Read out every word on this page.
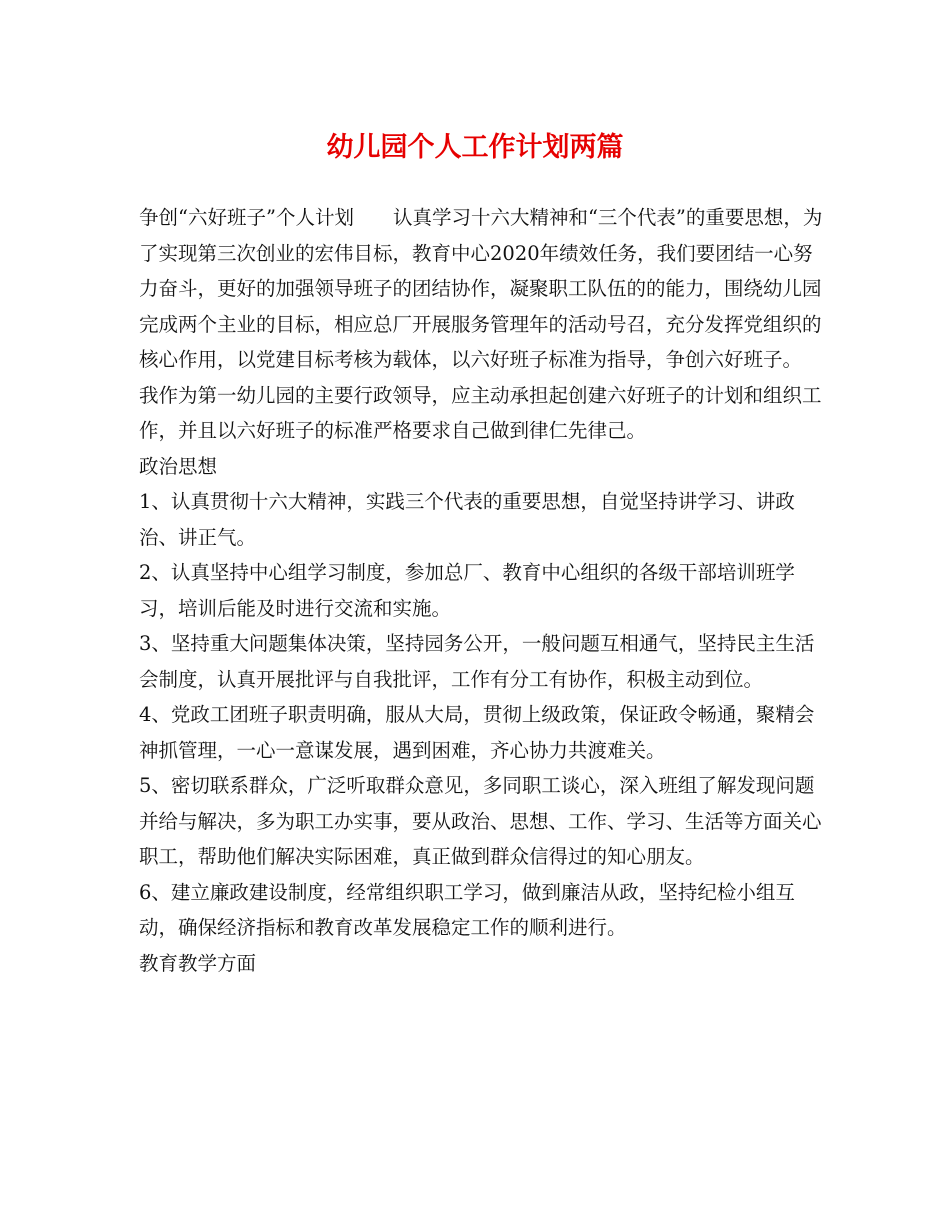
幼儿园个人工作计划两篇

争创“六好班子”个人计划　　认真学习十六大精神和“三个代表”的重要思想，为了实现第三次创业的宏伟目标，教育中心2020年绩效任务，我们要团结一心努力奋斗，更好的加强领导班子的团结协作，凝聚职工队伍的的能力，围绕幼儿园完成两个主业的目标，相应总厂开展服务管理年的活动号召，充分发挥党组织的核心作用，以党建目标考核为载体，以六好班子标准为指导，争创六好班子。

我作为第一幼儿园的主要行政领导，应主动承担起创建六好班子的计划和组织工作，并且以六好班子的标准严格要求自己做到律仁先律己。

政治思想

1、认真贯彻十六大精神，实践三个代表的重要思想，自觉坚持讲学习、讲政治、讲正气。

2、认真坚持中心组学习制度，参加总厂、教育中心组织的各级干部培训班学习，培训后能及时进行交流和实施。

3、坚持重大问题集体决策，坚持园务公开，一般问题互相通气，坚持民主生活会制度，认真开展批评与自我批评，工作有分工有协作，积极主动到位。

4、党政工团班子职责明确，服从大局，贯彻上级政策，保证政令畅通，聚精会神抓管理，一心一意谋发展，遇到困难，齐心协力共渡难关。

5、密切联系群众，广泛听取群众意见，多同职工谈心，深入班组了解发现问题并给与解决，多为职工办实事，要从政治、思想、工作、学习、生活等方面关心职工，帮助他们解决实际困难，真正做到群众信得过的知心朋友。

6、建立廉政建设制度，经常组织职工学习，做到廉洁从政，坚持纪检小组互动，确保经济指标和教育改革发展稳定工作的顺利进行。

教育教学方面
